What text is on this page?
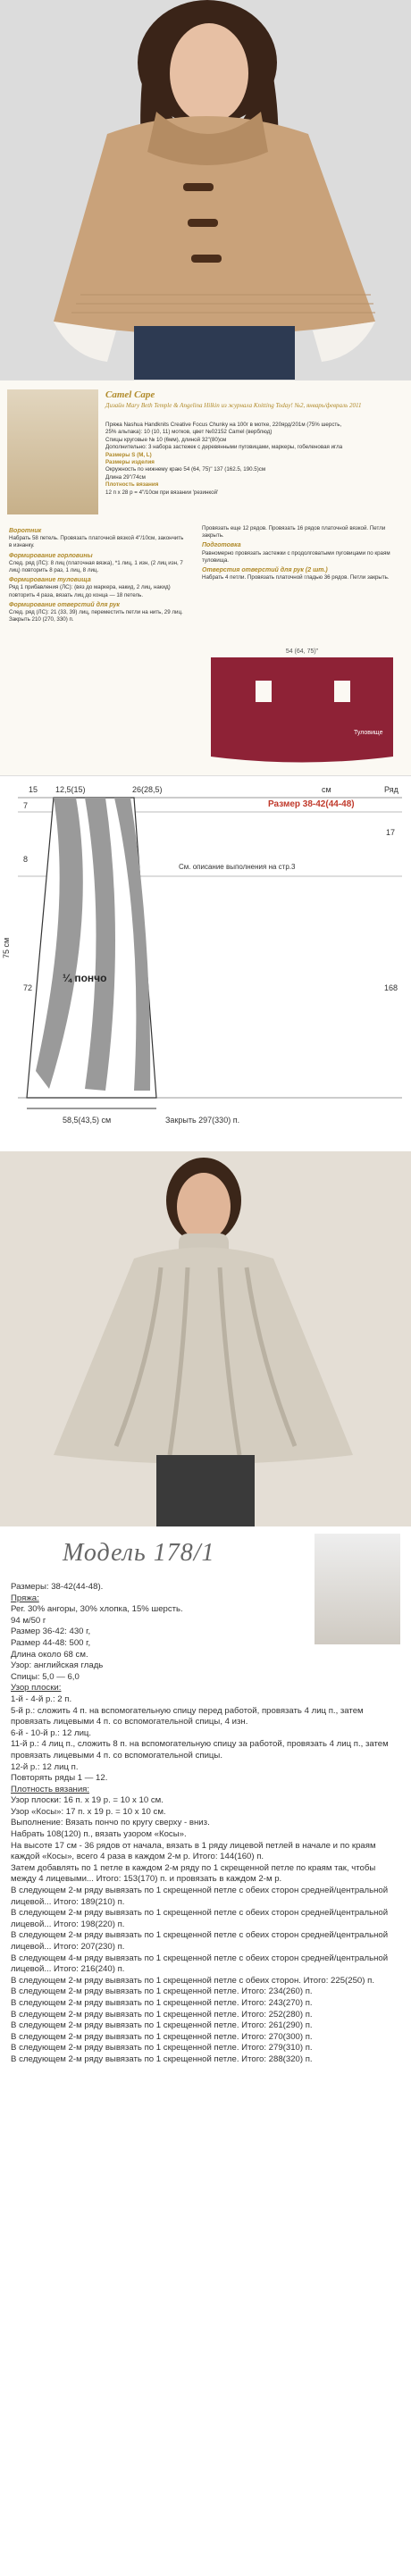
Camel Cape
Дизайн Mary Beth Temple & Angelina Hilkin из журнала Knitting Today! №2, январь/февраль 2011
Пряжа Nashua Handknits Creative Focus Chunky на 100г в мотке, 220ярд/201м (75% шерсть,
25% альпака): 10 (10, 11) мотков, цвет №02152 Camel (верблюд)
Спицы круговые № 10 (6мм), длиной 32"(80)см
Дополнительно: 3 набора застежек с деревянными пуговицами, маркеры, гобеленовая игла
Размеры S (M, L)
Размеры изделия
Окружность по нижнему краю 54 (64, 75)" 137 (162.5, 190.5)см
Длина 29"/74см
Плотность вязания
12 п x 28 р = 4"/10см при вязании 'резинкой'
Воротник
Набрать 58 петель. Провязать платочной вязкой 4"/10см, закончить в изнанку.
Формирование горловины
След. ряд (ЛС): 8 лиц (платочная вязка), *1 лиц, 1 изн, (2 лиц изн, 7 лиц) повторить 8 раз, 1 лиц, 8 лиц.
Формирование туловища
Ряд 1 прибавления (ЛС): (вяз до маркера, накид, 2 лиц, накид) повторить 4 раза, вязать лиц до конца — 18 петель.
Формирование отверстий для рук
След. ряд (ЛС): 21 (33, 39) лиц, переместить петли на нить, 29 лиц. Закрыть 210 (270, 330) п.
Провязать еще 12 рядов. Провязать 16 рядов платочной вязкой. Петли закрыть.
Подготовка
Равномерно провязать застежки с продолговатыми пуговицами по краям туловища.
Отверстия отверстий для рук (2 шт.)
Набрать 4 петли. Провязать платочной гладью 36 рядов. Петли закрыть.
54 (64, 75)"
Туловище
12,5(15)	26(28,5)
15
Размер 38-42(44-48)
см	Ряд
7
8
72
75 см
17
168
¼ пончо
См. описание выполнения на стр.3
58,5(43,5) см	Закрыть 297(330) п.
Модель 178/1

Размеры: 38-42(44-48).

Пряжа:

Рег. 30% ангоры, 30% хлопка, 15% шерсть.

94 м/50 г

Размер 36-42: 430 г,

Размер 44-48: 500 г,

Длина около 68 см.

Узор: английская гладь

Спицы: 5,0 — 6,0

Узор плоски:

1-й - 4-й р.: 2 п.

5-й р.: сложить 4 п. на вспомогательную спицу перед работой, провязать 4 лиц п., затем провязать лицевыми 4 п. со вспомогательной спицы, 4 изн.

6-й - 10-й р.: 12 лиц.

11-й р.: 4 лиц п., сложить 8 п. на вспомогательную спицу за работой, провязать 4 лиц п., затем провязать лицевыми 4 п. со вспомогательной спицы.

12-й р.: 12 лиц п.

Повторять ряды 1 — 12.

Плотность вязания:

Узор плоски: 16 п. х 19 р. = 10 х 10 см.

Узор «Косы»: 17 п. х 19 р. = 10 х 10 см.

Выполнение: Вязать пончо по кругу сверху - вниз.

Набрать 108(120) п., вязать узором «Косы».

На высоте 17 см - 36 рядов от начала, вязать в 1 ряду лицевой петлей в начале и по краям каждой «Косы», всего 4 раза в каждом 2-м р. Итого: 144(160) п.

Затем добавлять по 1 петле в каждом 2-м ряду по 1 скрещенной петле по краям так, чтобы между 4 лицевыми... Итого: 153(170) п. и провязать в каждом 2-м р.

В следующем 2-м ряду вывязать по 1 скрещенной петле с обеих сторон средней/центральной лицевой... Итого: 189(210) п.

В следующем 2-м ряду вывязать по 1 скрещенной петле с обеих сторон средней/центральной лицевой... Итого: 198(220) п.

В следующем 2-м ряду вывязать по 1 скрещенной петле с обеих сторон средней/центральной лицевой... Итого: 207(230) п.

В следующем 4-м ряду вывязать по 1 скрещенной петле с обеих сторон средней/центральной лицевой... Итого: 216(240) п.

В следующем 2-м ряду вывязать по 1 скрещенной петле с обеих сторон. Итого: 225(250) п.

В следующем 2-м ряду вывязать по 1 скрещенной петле. Итого: 234(260) п.

В следующем 2-м ряду вывязать по 1 скрещенной петле. Итого: 243(270) п.

В следующем 2-м ряду вывязать по 1 скрещенной петле. Итого: 252(280) п.

В следующем 2-м ряду вывязать по 1 скрещенной петле. Итого: 261(290) п.

В следующем 2-м ряду вывязать по 1 скрещенной петле. Итого: 270(300) п.

В следующем 2-м ряду вывязать по 1 скрещенной петле. Итого: 279(310) п.

В следующем 2-м ряду вывязать по 1 скрещенной петле. Итого: 288(320) п.
